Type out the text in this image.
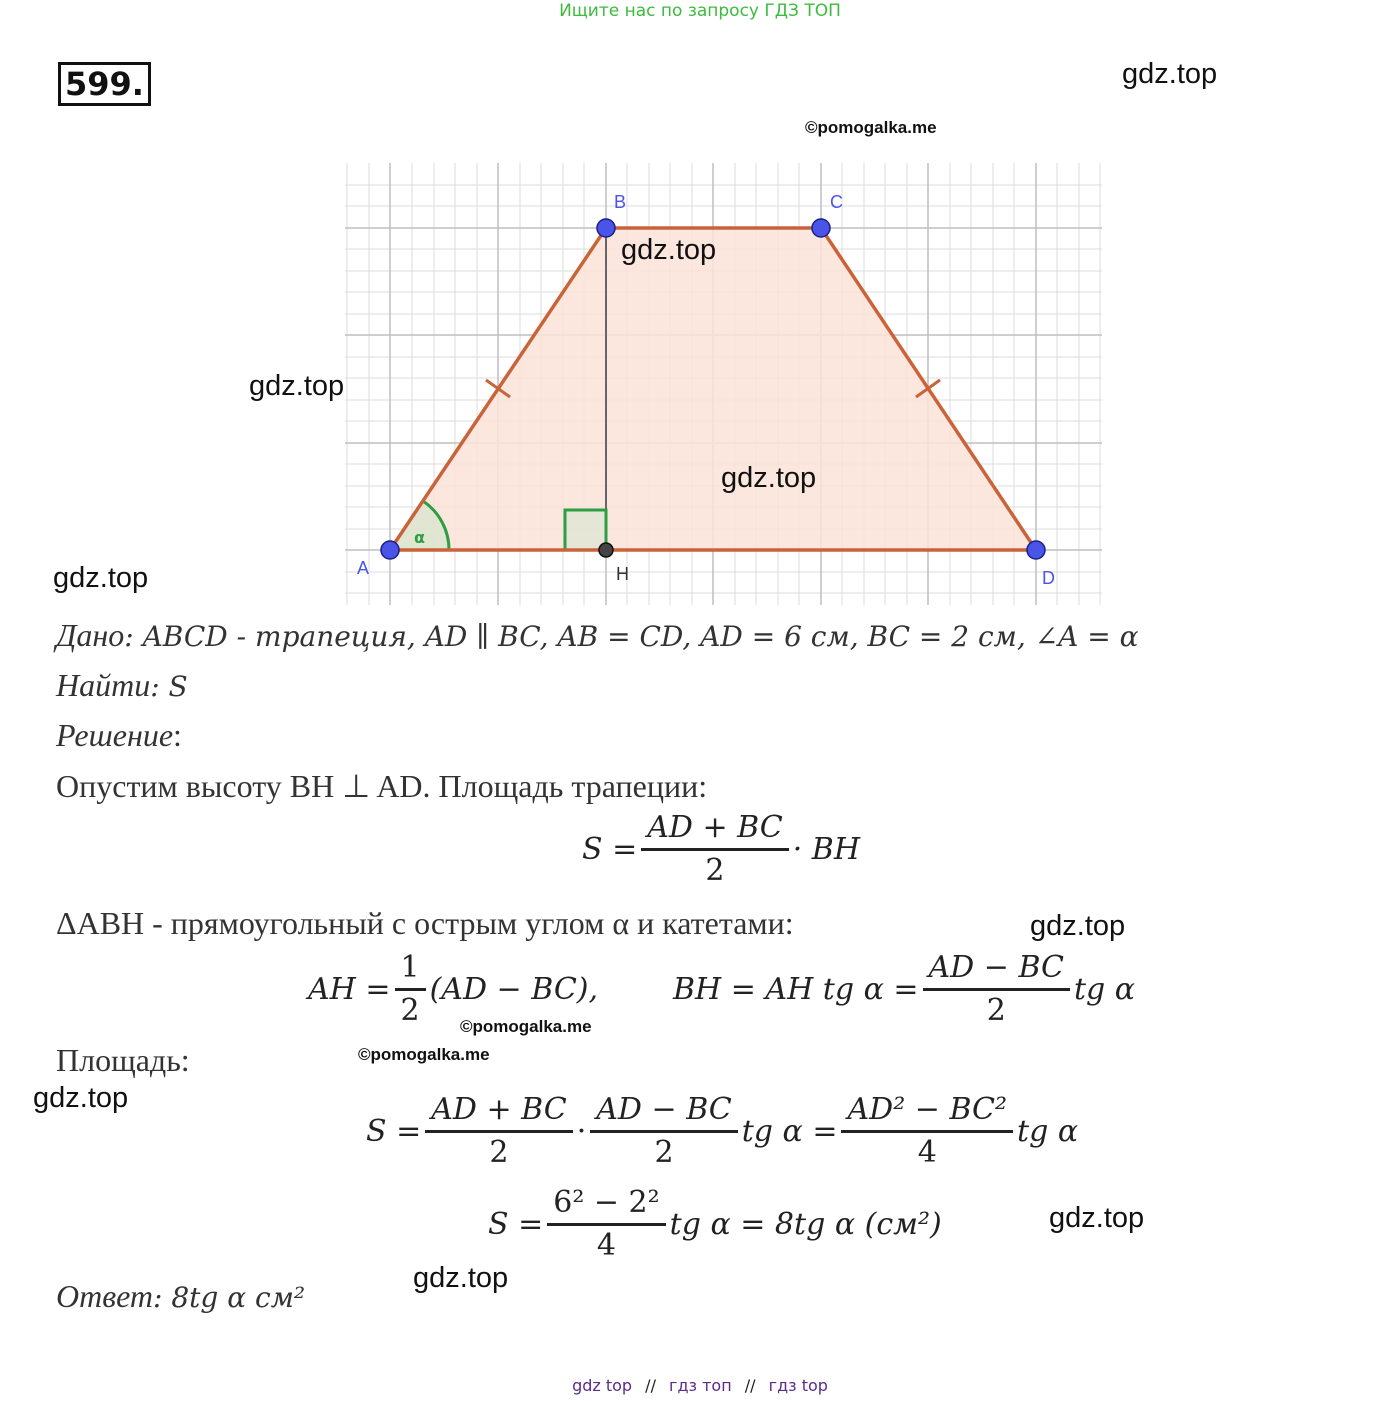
Ищите нас по запросу ГДЗ ТОП
599.	gdz.top
©pomogalka.me
A
B	C
D
H
α
gdz.top
gdz.top
gdz.top
gdz.top
Дано: ABCD - трапеция, AD ∥ BC, AB = CD, AD = 6 см, BC = 2 см, ∠A = α
Найти: S
Решение:
Опустим высоту BH ⊥ AD. Площадь трапеции:
$S = \frac{AD + BC}{2}$ · BH
ΔABH - прямоугольный с острым углом α и катетами:	gdz.top
AH = $\frac{1}{2} (AD - BC)$, BH = AH tg $\alpha = \frac{AD - BC}{2}$ tg α
©pomogalka.me
©pomogalka.me
Площадь:
gdz.top
$S = \frac{AD + BC}{2} \cdot \frac{AD - BC}{2}$ tg $\alpha = \frac{\text{AD² − BC²}}{4}$ tg α
$S = \frac{\text{6² − 2²}}{4}$ tg α = 8tg α (см²)	gdz.top
Ответ: 8tg α см²
gdz.top
gdz top // гдз топ // гдз top
